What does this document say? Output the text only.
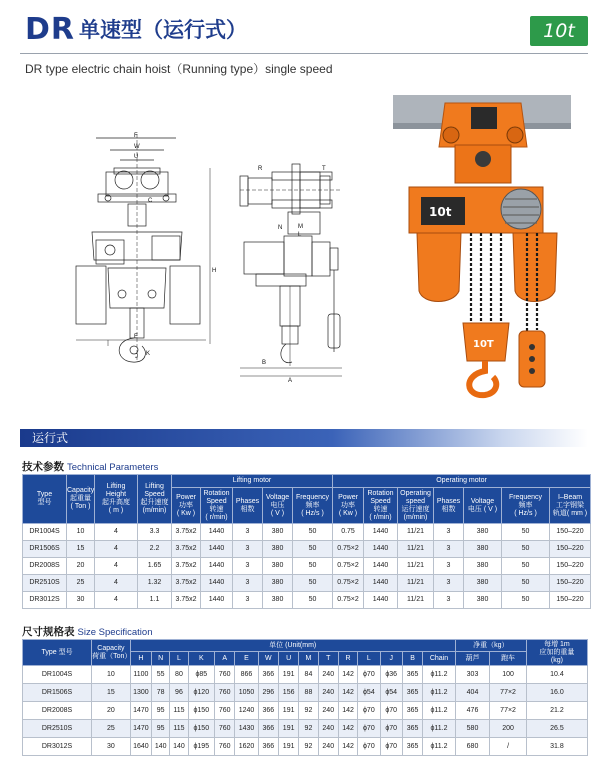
DR 单速型（运行式）	10t
DR type electric chain hoist（Running type）single speed
F
W
U
C
H
K
J
E
R	T
M
L
N
B
A
10t
10T
运行式
技术参数 Technical Parameters
Type
型号	Capacity
起重量
( Ton )	Lifting
Height
起升高度
( m )	Lifting
Speed
起升速度
(m/min)	Lifting motor					Operating motor						
				Power
功率
( Kw )	Rotation
Speed
转速
( r/min)	Phases
相数	Voltage
电压
( V )	Frequency
频率
( Hz/s )	Power
功率
( Kw )	Rotation
Speed
转速
( r/min)	Operating
speed
运行速度
(m/min)	Phases
相数	Voltage
电压 ( V )	Frequency
频率
( Hz/s )	I–Beam
工字钢梁
轨道( mm )
DR1004S	10	4	3.3	3.75x2	1440	3	380	50	0.75	1440	11/21	3	380	50	150–220
DR1506S	15	4	2.2	3.75x2	1440	3	380	50	0.75×2	1440	11/21	3	380	50	150–220
DR2008S	20	4	1.65	3.75x2	1440	3	380	50	0.75×2	1440	11/21	3	380	50	150–220
DR2510S	25	4	1.32	3.75x2	1440	3	380	50	0.75×2	1440	11/21	3	380	50	150–220
DR3012S	30	4	1.1	3.75x2	1440	3	380	50	0.75×2	1440	11/21	3	380	50	150–220
尺寸规格表 Size Specification
Type 型号	Capacity
荷重（Ton）	单位 (Unit(mm)															净重（kg）		每增 1m
应加的重量
(kg)
		H	N	L	K	A	E	W	U	M	T	R	L	J	B	Chain	葫芦	跑车	
DR1004S	10	1100	55	80	ϕ85	760	866	366	191	84	240	142	ϕ70	ϕ36	365	ϕ11.2	303	100	10.4
DR1506S	15	1300	78	96	ϕ120	760	1050	296	156	88	240	142	ϕ54	ϕ54	365	ϕ11.2	404	77×2	16.0
DR2008S	20	1470	95	115	ϕ150	760	1240	366	191	92	240	142	ϕ70	ϕ70	365	ϕ11.2	476	77×2	21.2
DR2510S	25	1470	95	115	ϕ150	760	1430	366	191	92	240	142	ϕ70	ϕ70	365	ϕ11.2	580	200	26.5
DR3012S	30	1640	140	140	ϕ195	760	1620	366	191	92	240	142	ϕ70	ϕ70	365	ϕ11.2	680	/	31.8
